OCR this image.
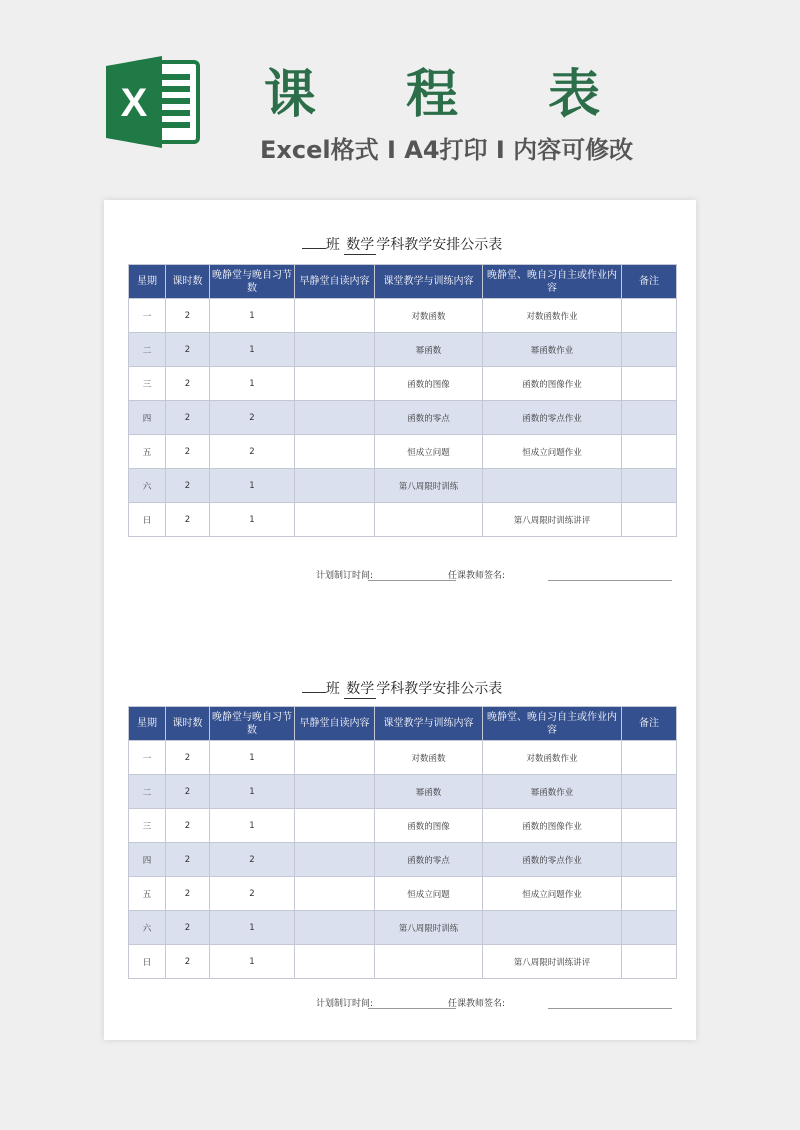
X 课 程 表
Excel格式 I A4打印 I 内容可修改
班 数学 学科教学安排公示表
星期	课时数	晚静堂与晚自习节数	早静堂自读内容	课堂教学与训练内容	晚静堂、晚自习自主或作业内容	备注
一	2	1		对数函数	对数函数作业	
二	2	1		幂函数	幂函数作业	
三	2	1		函数的图像	函数的图像作业	
四	2	2		函数的零点	函数的零点作业	
五	2	2		恒成立问题	恒成立问题作业	
六	2	1		第八周限时训练		
日	2	1			第八周限时训练讲评	
计划制订时间:	任课教师签名:
班 数学 学科教学安排公示表
星期	课时数	晚静堂与晚自习节数	早静堂自读内容	课堂教学与训练内容	晚静堂、晚自习自主或作业内容	备注
一	2	1		对数函数	对数函数作业	
二	2	1		幂函数	幂函数作业	
三	2	1		函数的图像	函数的图像作业	
四	2	2		函数的零点	函数的零点作业	
五	2	2		恒成立问题	恒成立问题作业	
六	2	1		第八周限时训练		
日	2	1			第八周限时训练讲评	
计划制订时间:	任课教师签名:
